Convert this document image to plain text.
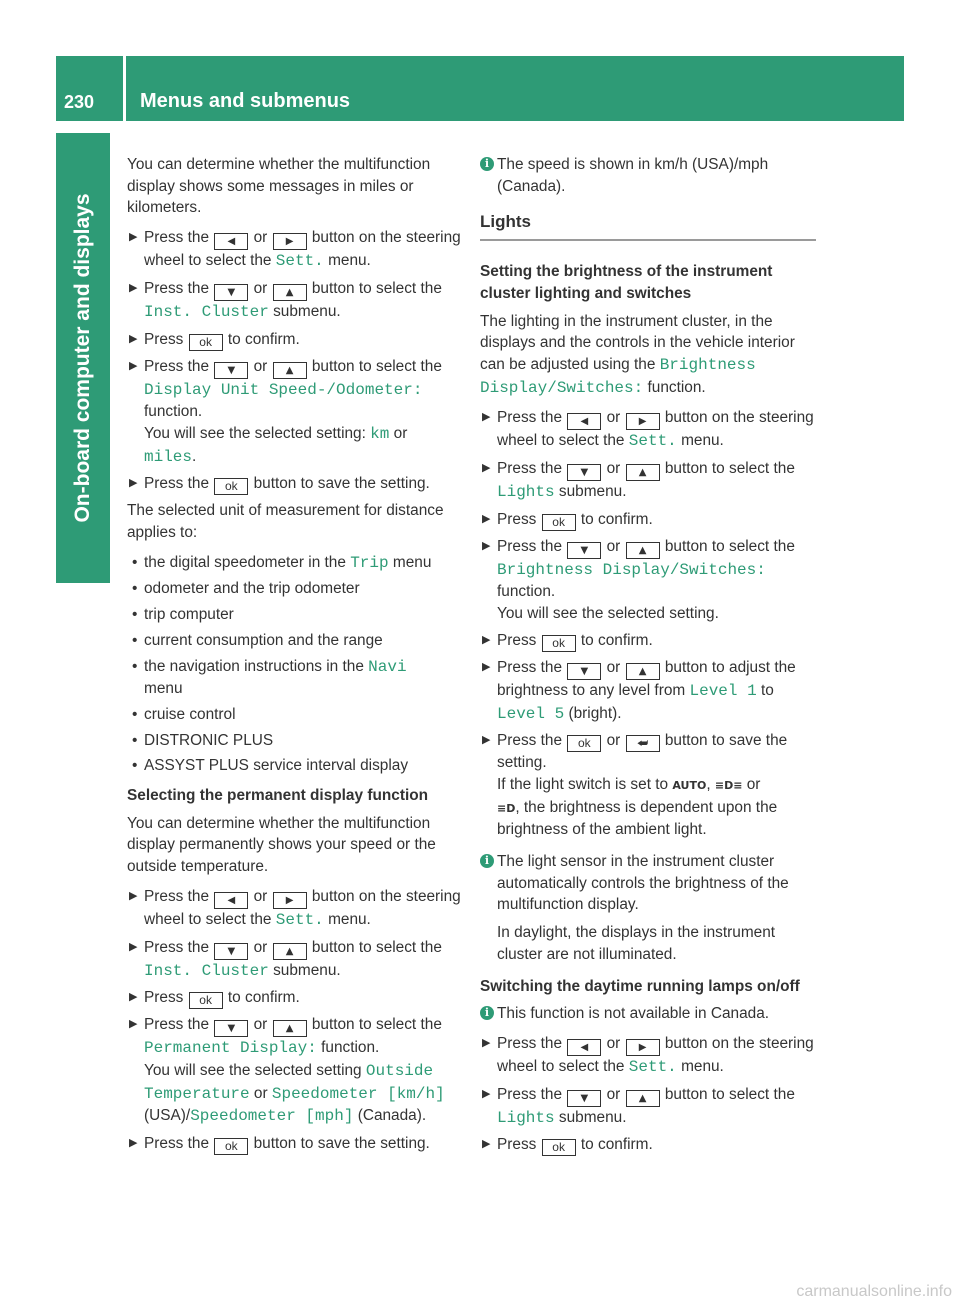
230 Menus and submenus
On-board computer and displays

You can determine whether the multifunction display shows some messages in miles or kilometers.

▶ Press the ◀ or ▶ button on the steering wheel to select the Sett. menu.
▶ Press the ▼ or ▲ button to select the Inst. Cluster submenu.
▶ Press ok to confirm.
▶ Press the ▼ or ▲ button to select the Display Unit Speed-/Odometer:
function.
You will see the selected setting: km or
miles.
▶ Press the ok button to save the setting.

The selected unit of measurement for distance applies to:

• the digital speedometer in the Trip menu
• odometer and the trip odometer
• trip computer
• current consumption and the range
• the navigation instructions in the Navi
menu
• cruise control
• DISTRONIC PLUS
• ASSYST PLUS service interval display
Selecting the permanent display function

You can determine whether the multifunction display permanently shows your speed or the outside temperature.

▶ Press the ◀ or ▶ button on the steering wheel to select the Sett. menu.
▶ Press the ▼ or ▲ button to select the Inst. Cluster submenu.
▶ Press ok to confirm.
▶ Press the ▼ or ▲ button to select the Permanent Display: function.
You will see the selected setting Outside Temperature or Speedometer [km/h]
(USA)/Speedometer [mph] (Canada).
▶ Press the ok button to save the setting.
i The speed is shown in km/h (USA)/mph (Canada).
Lights
Setting the brightness of the instrument cluster lighting and switches

The lighting in the instrument cluster, in the displays and the controls in the vehicle interior can be adjusted using the Brightness Display/Switches: function.

▶ Press the ◀ or ▶ button on the steering wheel to select the Sett. menu.
▶ Press the ▼ or ▲ button to select the Lights submenu.
▶ Press ok to confirm.
▶ Press the ▼ or ▲ button to select the Brightness Display/Switches:
function.
You will see the selected setting.
▶ Press ok to confirm.
▶ Press the ▼ or ▲ button to adjust the brightness to any level from Level 1 to Level 5 (bright).
▶ Press the ok or ⮨ button to save the setting.
If the light switch is set to AUTO, ≡D≡ or
≡D, the brightness is dependent upon the brightness of the ambient light.
i The light sensor in the instrument cluster automatically controls the brightness of the multifunction display.
In daylight, the displays in the instrument cluster are not illuminated.
Switching the daytime running lamps on/off
i This function is not available in Canada.
▶ Press the ◀ or ▶ button on the steering wheel to select the Sett. menu.
▶ Press the ▼ or ▲ button to select the Lights submenu.
▶ Press ok to confirm.
carmanualsonline.info
